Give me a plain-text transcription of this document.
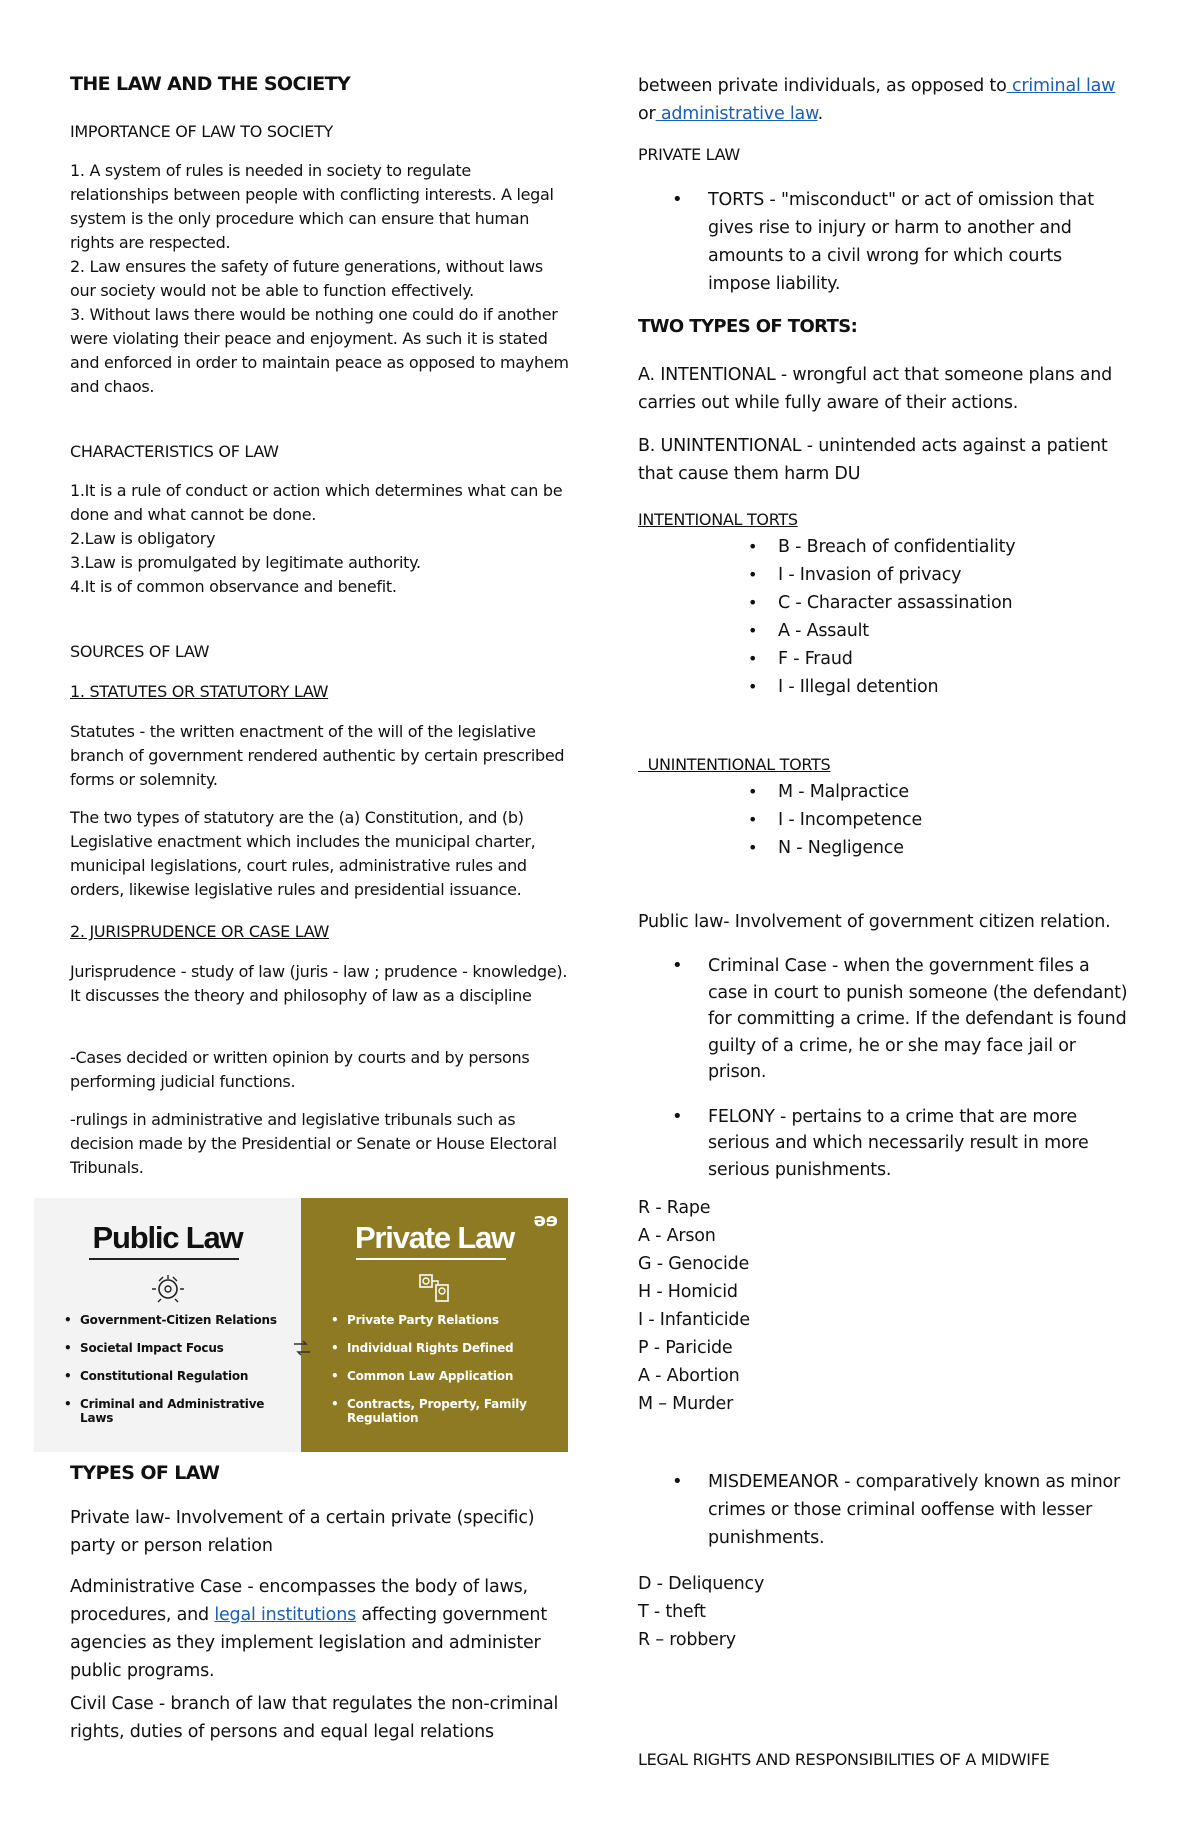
THE LAW AND THE SOCIETY

IMPORTANCE OF LAW TO SOCIETY

1. A system of rules is needed in society to regulate relationships between people with conflicting interests. A legal system is the only procedure which can ensure that human rights are respected.

2. Law ensures the safety of future generations, without laws our society would not be able to function effectively.

3. Without laws there would be nothing one could do if another were violating their peace and enjoyment. As such it is stated and enforced in order to maintain peace as opposed to mayhem and chaos.

CHARACTERISTICS OF LAW

1.It is a rule of conduct or action which determines what can be done and what cannot be done.

2.Law is obligatory

3.Law is promulgated by legitimate authority.

4.It is of common observance and benefit.

SOURCES OF LAW

1. STATUTES OR STATUTORY LAW

Statutes - the written enactment of the will of the legislative branch of government rendered authentic by certain prescribed forms or solemnity.

The two types of statutory are the (a) Constitution, and (b) Legislative enactment which includes the municipal charter, municipal legislations, court rules, administrative rules and orders, likewise legislative rules and presidential issuance.

2. JURISPRUDENCE OR CASE LAW

Jurisprudence - study of law (juris - law ; prudence - knowledge). It discusses the theory and philosophy of law as a discipline

-Cases decided or written opinion by courts and by persons performing judicial functions.

-rulings in administrative and legislative tribunals such as decision made by the Presidential or Senate or House Electoral Tribunals.

TYPES OF LAW

Private law- Involvement of a certain private (specific) party or person relation

Administrative Case - encompasses the body of laws, procedures, and legal institutions affecting government agencies as they implement legislation and administer public programs.

Civil Case - branch of law that regulates the non-criminal rights, duties of persons and equal legal relations

Public Law
• Government-Citizen Relations
• Societal Impact Focus
• Constitutional Regulation
• Criminal and Administrative Laws
əɘ
Private Law
• Private Party Relations
• Individual Rights Defined
• Common Law Application
• Contracts, Property, Family Regulation

between private individuals, as opposed to criminal law
or administrative law.

PRIVATE LAW

• TORTS - "misconduct" or act of omission that gives rise to injury or harm to another and amounts to a civil wrong for which courts impose liability.

TWO TYPES OF TORTS:

A. INTENTIONAL - wrongful act that someone plans and carries out while fully aware of their actions.

B. UNINTENTIONAL - unintended acts against a patient that cause them harm DU

INTENTIONAL TORTS

• B - Breach of confidentiality
• I - Invasion of privacy
• C - Character assassination
• A - Assault
• F - Fraud
• I - Illegal detention

UNINTENTIONAL TORTS

• M - Malpractice
• I - Incompetence
• N - Negligence

Public law- Involvement of government citizen relation.

• Criminal Case - when the government files a case in court to punish someone (the defendant) for committing a crime. If the defendant is found guilty of a crime, he or she may face jail or prison.
• FELONY - pertains to a crime that are more serious and which necessarily result in more serious punishments.

R - Rape

A - Arson

G - Genocide

H - Homicid

I - Infanticide

P - Paricide

A - Abortion

M – Murder

• MISDEMEANOR - comparatively known as minor crimes or those criminal ooffense with lesser punishments.

D - Deliquency

T - theft

R – robbery

LEGAL RIGHTS AND RESPONSIBILITIES OF A MIDWIFE
